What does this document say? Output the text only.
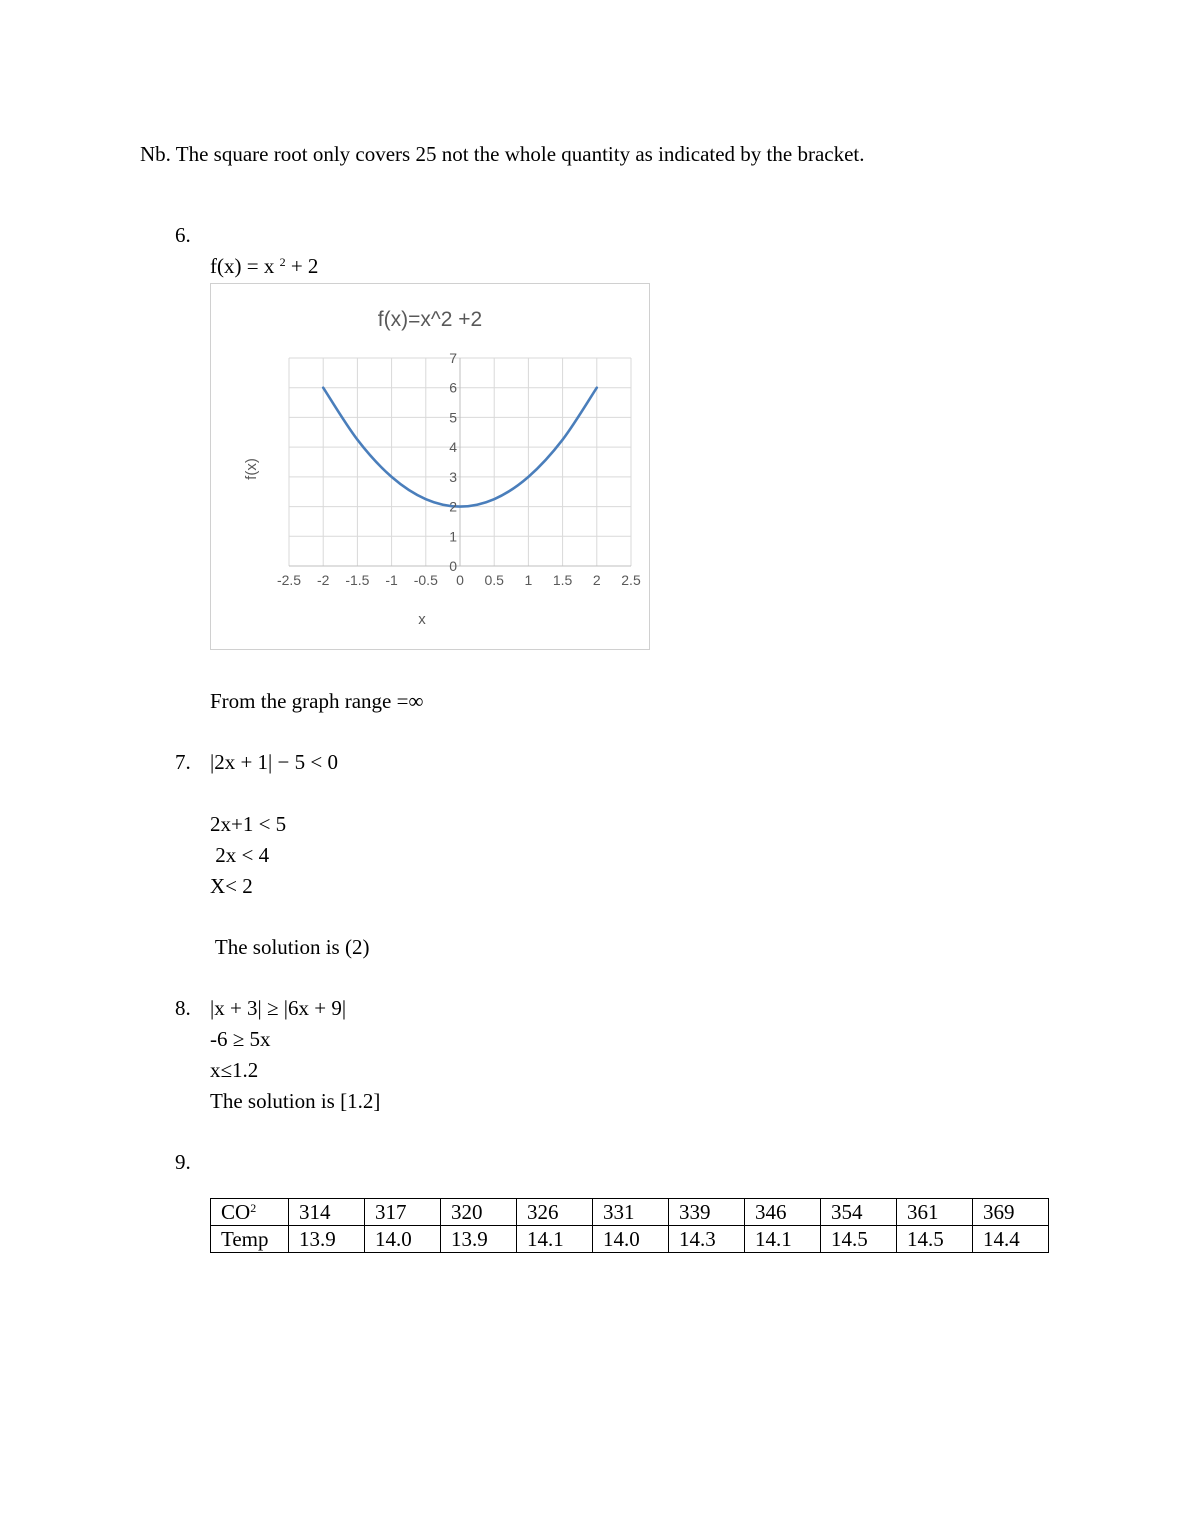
Nb. The square root only covers 25 not the whole quantity as indicated by the bracket.
6.
f(x) = x $^2$ + 2
f(x)=x^2 +2
x
f(x)
-2.5 -2 -1.5 -1 -0.5 0 0.5 1 1.5 2 2.5
0
1
2
3
4
5
6
7
From the graph range =∞
7. |2x + 1| − 5 < 0
2x+1 < 5
2x < 4
X< 2
The solution is (2)
8. |x + 3| ≥ |6x + 9|
-6 ≥ 5x
x≤1.2
The solution is [1.2]
9.
$CO^2$	314	317	320	326	331	339	346	354	361	369
Temp	13.9	14.0	13.9	14.1	14.0	14.3	14.1	14.5	14.5	14.4
